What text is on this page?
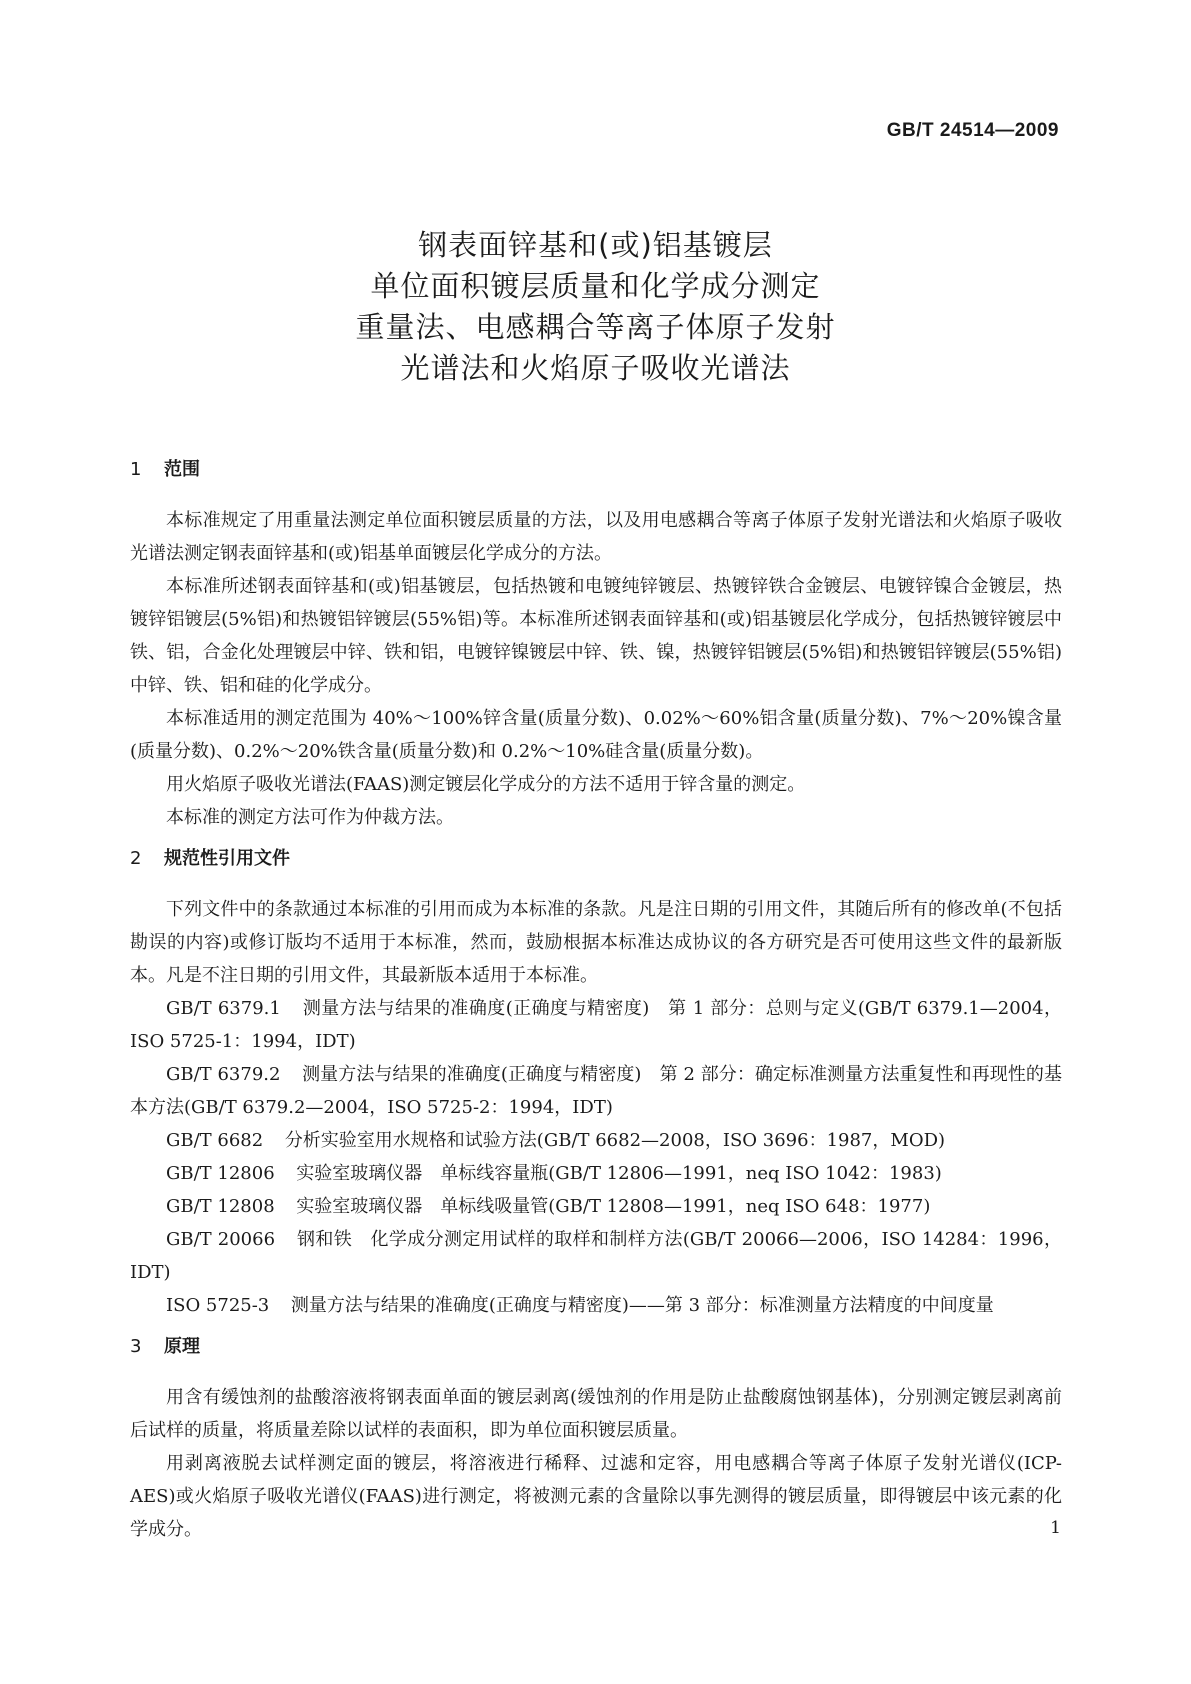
GB/T 24514—2009
钢表面锌基和(或)铝基镀层
单位面积镀层质量和化学成分测定
重量法、电感耦合等离子体原子发射
光谱法和火焰原子吸收光谱法
1 范围

本标准规定了用重量法测定单位面积镀层质量的方法，以及用电感耦合等离子体原子发射光谱法和火焰原子吸收光谱法测定钢表面锌基和(或)铝基单面镀层化学成分的方法。

本标准所述钢表面锌基和(或)铝基镀层，包括热镀和电镀纯锌镀层、热镀锌铁合金镀层、电镀锌镍合金镀层，热镀锌铝镀层(5%铝)和热镀铝锌镀层(55%铝)等。本标准所述钢表面锌基和(或)铝基镀层化学成分，包括热镀锌镀层中铁、铝，合金化处理镀层中锌、铁和铝，电镀锌镍镀层中锌、铁、镍，热镀锌铝镀层(5%铝)和热镀铝锌镀层(55%铝)中锌、铁、铝和硅的化学成分。

本标准适用的测定范围为 40%～100%锌含量(质量分数)、0.02%～60%铝含量(质量分数)、7%～20%镍含量(质量分数)、0.2%～20%铁含量(质量分数)和 0.2%～10%硅含量(质量分数)。

用火焰原子吸收光谱法(FAAS)测定镀层化学成分的方法不适用于锌含量的测定。

本标准的测定方法可作为仲裁方法。

2 规范性引用文件

下列文件中的条款通过本标准的引用而成为本标准的条款。凡是注日期的引用文件，其随后所有的修改单(不包括勘误的内容)或修订版均不适用于本标准，然而，鼓励根据本标准达成协议的各方研究是否可使用这些文件的最新版本。凡是不注日期的引用文件，其最新版本适用于本标准。

GB/T 6379.1 测量方法与结果的准确度(正确度与精密度)　第 1 部分：总则与定义(GB/T 6379.1—2004，ISO 5725-1：1994，IDT)

GB/T 6379.2 测量方法与结果的准确度(正确度与精密度)　第 2 部分：确定标准测量方法重复性和再现性的基本方法(GB/T 6379.2—2004，ISO 5725-2：1994，IDT)

GB/T 6682 分析实验室用水规格和试验方法(GB/T 6682—2008，ISO 3696：1987，MOD)

GB/T 12806 实验室玻璃仪器　单标线容量瓶(GB/T 12806—1991，neq ISO 1042：1983)

GB/T 12808 实验室玻璃仪器　单标线吸量管(GB/T 12808—1991，neq ISO 648：1977)

GB/T 20066 钢和铁　化学成分测定用试样的取样和制样方法(GB/T 20066—2006，ISO 14284：1996，IDT)

ISO 5725-3 测量方法与结果的准确度(正确度与精密度)——第 3 部分：标准测量方法精度的中间度量

3 原理

用含有缓蚀剂的盐酸溶液将钢表面单面的镀层剥离(缓蚀剂的作用是防止盐酸腐蚀钢基体)，分别测定镀层剥离前后试样的质量，将质量差除以试样的表面积，即为单位面积镀层质量。

用剥离液脱去试样测定面的镀层，将溶液进行稀释、过滤和定容，用电感耦合等离子体原子发射光谱仪(ICP-AES)或火焰原子吸收光谱仪(FAAS)进行测定，将被测元素的含量除以事先测得的镀层质量，即得镀层中该元素的化学成分。	1
